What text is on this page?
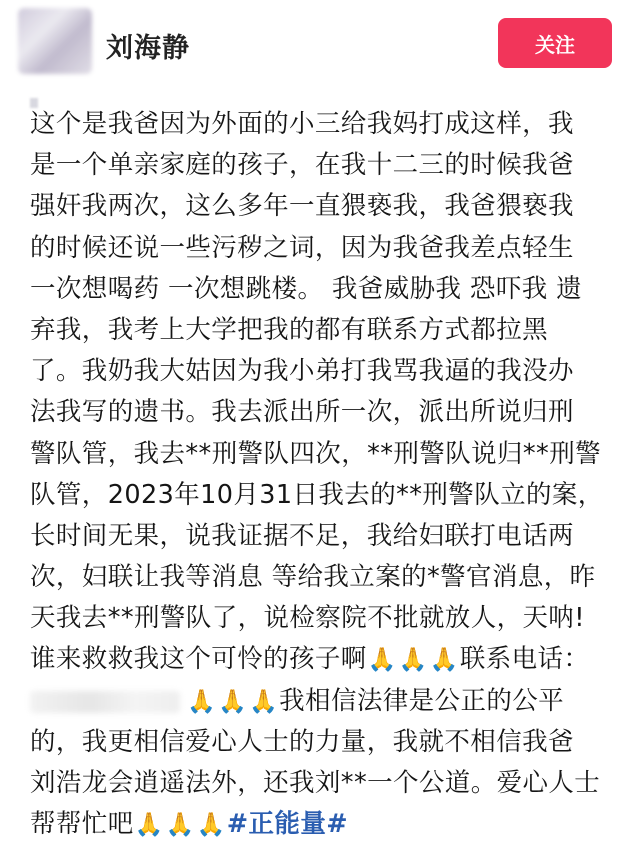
刘海静	关注
这个是我爸因为外面的小三给我妈打成这样，我
是一个单亲家庭的孩子，在我十二三的时候我爸
强奸我两次，这么多年一直猥亵我，我爸猥亵我
的时候还说一些污秽之词，因为我爸我差点轻生
一次想喝药 一次想跳楼。 我爸威胁我 恐吓我 遗
弃我，我考上大学把我的都有联系方式都拉黑
了。我奶我大姑因为我小弟打我骂我逼的我没办
法我写的遗书。我去派出所一次，派出所说归刑
警队管，我去**刑警队四次，**刑警队说归**刑警
队管，2023年10月31日我去的**刑警队立的案，
长时间无果，说我证据不足，我给妇联打电话两
次，妇联让我等消息 等给我立案的*警官消息，昨
天我去**刑警队了，说检察院不批就放人，天呐!
谁来救救我这个可怜的孩子啊🙏🙏🙏联系电话：
🙏🙏🙏我相信法律是公正的公平
的，我更相信爱心人士的力量，我就不相信我爸
刘浩龙会逍遥法外，还我刘**一个公道。爱心人士
帮帮忙吧🙏🙏🙏#正能量#
